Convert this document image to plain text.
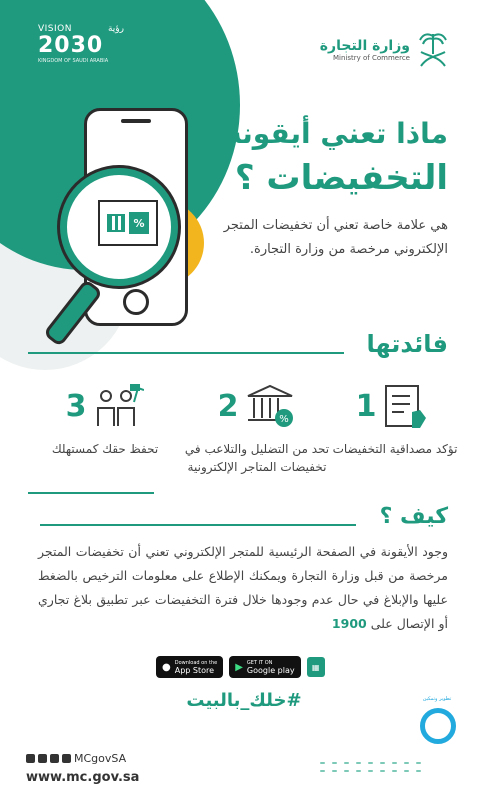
VISION	رؤية
2030
KINGDOM OF SAUDI ARABIA
وزارة التجارة
Ministry of Commerce
%
ماذا تعني أيقونة
التخفيضات ؟

هي علامة خاصة تعني أن تخفيضات المتجر الإلكتروني مرخصة من وزارة التجارة.

فائدتها
1
تؤكد مصداقية التخفيضات
%
2
تحد من التضليل والتلاعب في تخفيضات المتاجر الإلكترونية
3
تحفظ حقك كمستهلك
كيف ؟

وجود الأيقونة في الصفحة الرئيسية للمتجر الإلكتروني تعني أن تخفيضات المتجر مرخصة من قبل وزارة التجارة ويمكنك الإطلاع على معلومات الترخيص بالضغط عليها والإبلاغ في حال عدم وجودها خلال فترة التخفيضات عبر تطبيق بلاغ تجاري أو الإتصال على 1900

● Download on the
App Store	▶ GET IT ON
Google play	▦
#خلك_بالبيت	تطوير وتمكين
MCgovSA
www.mc.gov.sa
